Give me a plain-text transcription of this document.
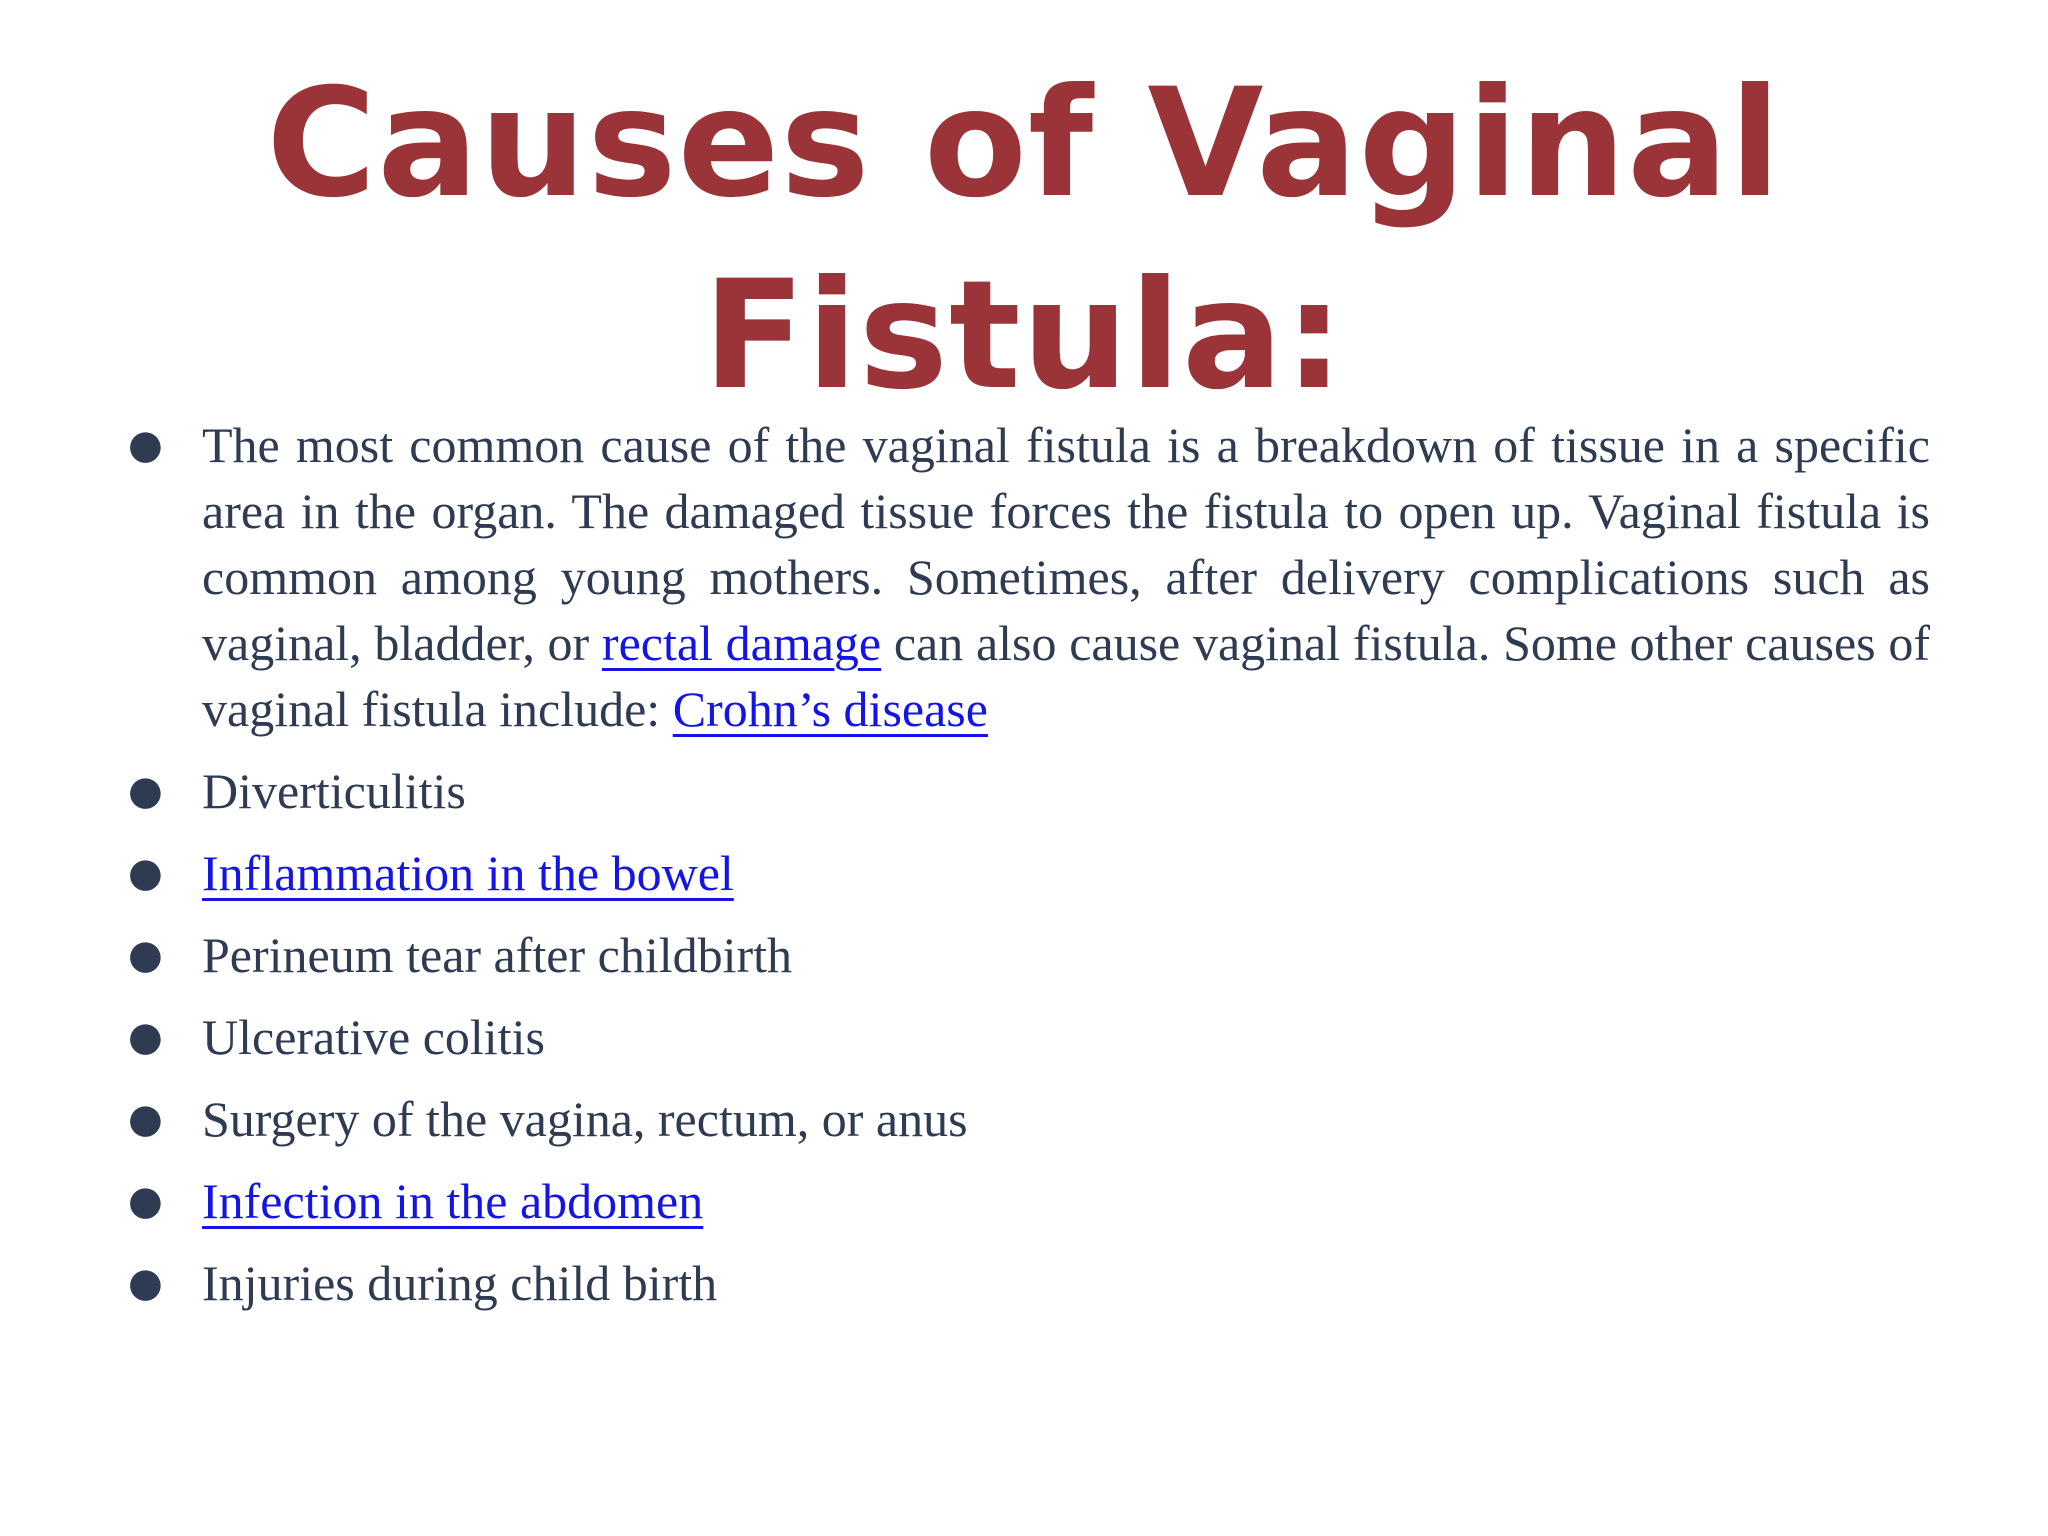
Causes of Vaginal
Fistula:
● The most common cause of the vaginal fistula is a breakdown of tissue in a specific area in the organ. The damaged tissue forces the fistula to open up. Vaginal fistula is common among young mothers. Sometimes, after delivery complications such as vaginal, bladder, or rectal damage can also cause vaginal fistula. Some other causes of vaginal fistula include: Crohn’s disease
● Diverticulitis
● Inflammation in the bowel
● Perineum tear after childbirth
● Ulcerative colitis
● Surgery of the vagina, rectum, or anus
● Infection in the abdomen
● Injuries during child birth
